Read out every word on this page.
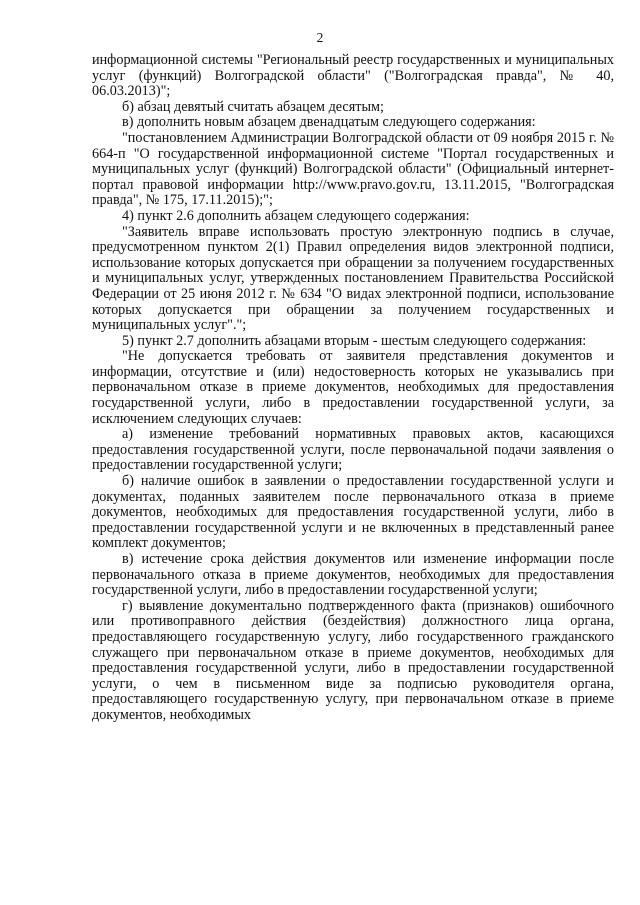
2

информационной системы "Региональный реестр государственных и муниципальных услуг (функций) Волгоградской области" ("Волгоградская правда", № 40, 06.03.2013)";

б) абзац девятый считать абзацем десятым;

в) дополнить новым абзацем двенадцатым следующего содержания:

"постановлением Администрации Волгоградской области от 09 ноября 2015 г. № 664-п "О государственной информационной системе "Портал государственных и муниципальных услуг (функций) Волгоградской области" (Официальный интернет-портал правовой информации http://www.pravo.gov.ru, 13.11.2015, "Волгоградская правда", № 175, 17.11.2015);";

4) пункт 2.6 дополнить абзацем следующего содержания:

"Заявитель вправе использовать простую электронную подпись в случае, предусмотренном пунктом 2(1) Правил определения видов электронной подписи, использование которых допускается при обращении за получением государственных и муниципальных услуг, утвержденных постановлением Правительства Российской Федерации от 25 июня 2012 г. № 634 "О видах электронной подписи, использование которых допускается при обращении за получением государственных и муниципальных услуг".";

5) пункт 2.7 дополнить абзацами вторым - шестым следующего содержания:

"Не допускается требовать от заявителя представления документов и информации, отсутствие и (или) недостоверность которых не указывались при первоначальном отказе в приеме документов, необходимых для предоставления государственной услуги, либо в предоставлении государственной услуги, за исключением следующих случаев:

а) изменение требований нормативных правовых актов, касающихся предоставления государственной услуги, после первоначальной подачи заявления о предоставлении государственной услуги;

б) наличие ошибок в заявлении о предоставлении государственной услуги и документах, поданных заявителем после первоначального отказа в приеме документов, необходимых для предоставления государственной услуги, либо в предоставлении государственной услуги и не включенных в представленный ранее комплект документов;

в) истечение срока действия документов или изменение информации после первоначального отказа в приеме документов, необходимых для предоставления государственной услуги, либо в предоставлении государственной услуги;

г) выявление документально подтвержденного факта (признаков) ошибочного или противоправного действия (бездействия) должностного лица органа, предоставляющего государственную услугу, либо государственного гражданского служащего при первоначальном отказе в приеме документов, необходимых для предоставления государственной услуги, либо в предоставлении государственной услуги, о чем в письменном виде за подписью руководителя органа, предоставляющего государственную услугу, при первоначальном отказе в приеме документов, необходимых
